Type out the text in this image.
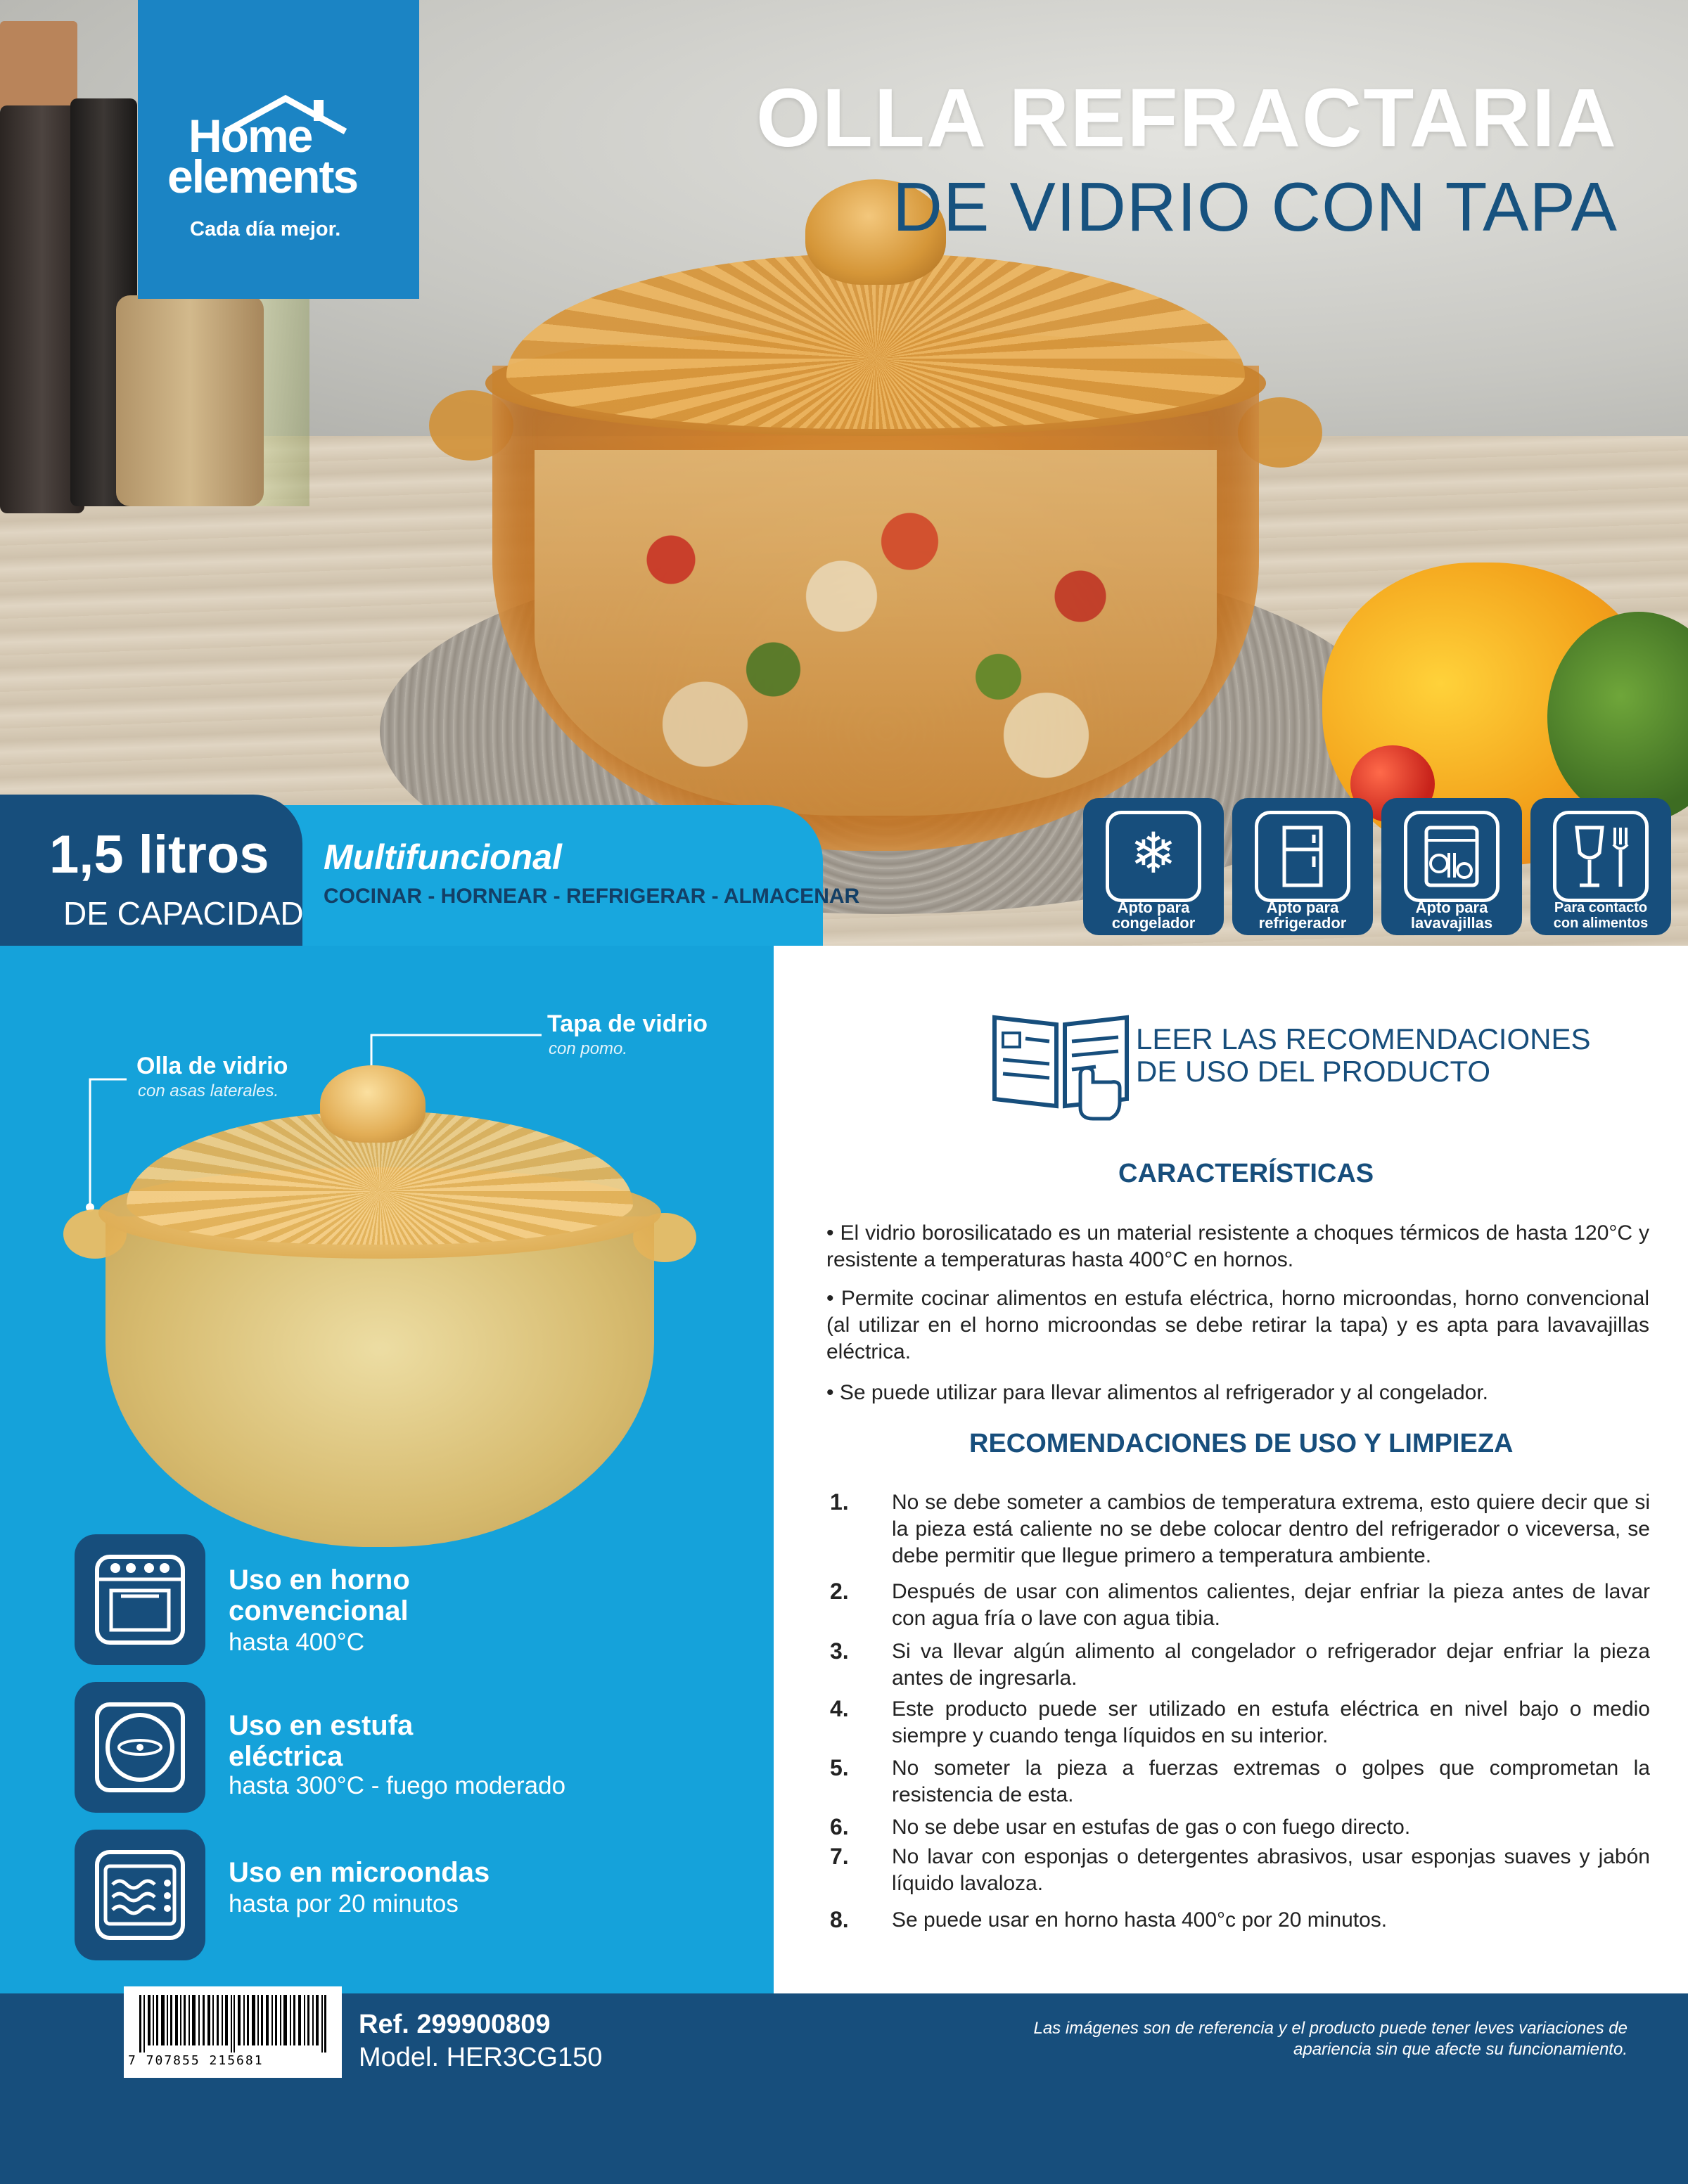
Home
elements
Cada día mejor.
OLLA REFRACTARIA
DE VIDRIO CON TAPA
1,5 litros
DE CAPACIDAD
Multifuncional
COCINAR - HORNEAR - REFRIGERAR - ALMACENAR
❄
Apto para
congelador
Apto para
refrigerador
Apto para
lavavajillas
Para contacto
con alimentos
Tapa de vidrio
con pomo.
Olla de vidrio
con asas laterales.
Uso en horno
convencional
hasta 400°C
Uso en estufa
eléctrica
hasta 300°C - fuego moderado
Uso en microondas
hasta por 20 minutos
LEER LAS RECOMENDACIONES
DE USO DEL PRODUCTO
CARACTERÍSTICAS
• El vidrio borosilicatado es un material resistente a choques térmicos de hasta 120°C y resistente a temperaturas hasta 400°C en hornos.
• Permite cocinar alimentos en estufa eléctrica, horno microondas, horno convencional (al utilizar en el horno microondas se debe retirar la tapa) y es apta para lavavajillas eléctrica.
• Se puede utilizar para llevar alimentos al refrigerador y al congelador.
RECOMENDACIONES DE USO Y LIMPIEZA
1. No se debe someter a cambios de temperatura extrema, esto quiere decir que si la pieza está caliente no se debe colocar dentro del refrigerador o viceversa, se debe permitir que llegue primero a temperatura ambiente.
2. Después de usar con alimentos calientes, dejar enfriar la pieza antes de lavar con agua fría o lave con agua tibia.
3. Si va llevar algún alimento al congelador o refrigerador dejar enfriar la pieza antes de ingresarla.
4. Este producto puede ser utilizado en estufa eléctrica en nivel bajo o medio siempre y cuando tenga líquidos en su interior.
5. No someter la pieza a fuerzas extremas o golpes que comprometan la resistencia de esta.
6. No se debe usar en estufas de gas o con fuego directo.
7. No lavar con esponjas o detergentes abrasivos, usar esponjas suaves y jabón líquido lavaloza.
8. Se puede usar en horno hasta 400°c por 20 minutos.
7 707855 215681
Ref. 299900809
Model. HER3CG150
Las imágenes son de referencia y el producto puede tener leves variaciones de apariencia sin que afecte su funcionamiento.
